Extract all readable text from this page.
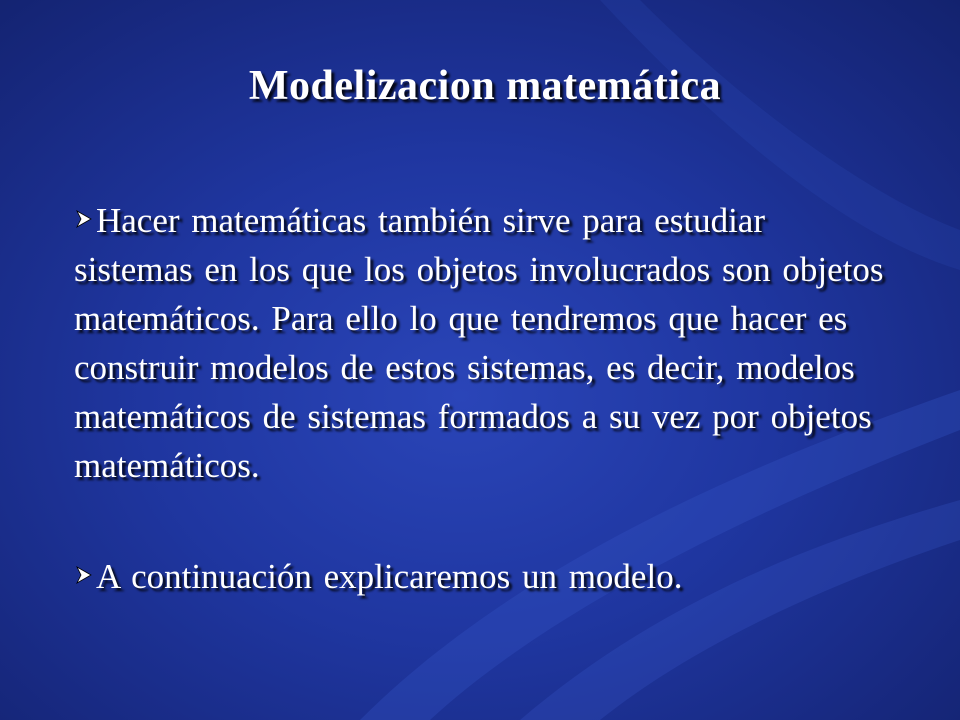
Modelizacion matemática
Hacer matemáticas también sirve para estudiar sistemas en los que los objetos involucrados son objetos matemáticos. Para ello lo que tendremos que hacer es construir modelos de estos sistemas, es decir, modelos matemáticos de sistemas formados a su vez por objetos matemáticos.
A continuación explicaremos un modelo.
